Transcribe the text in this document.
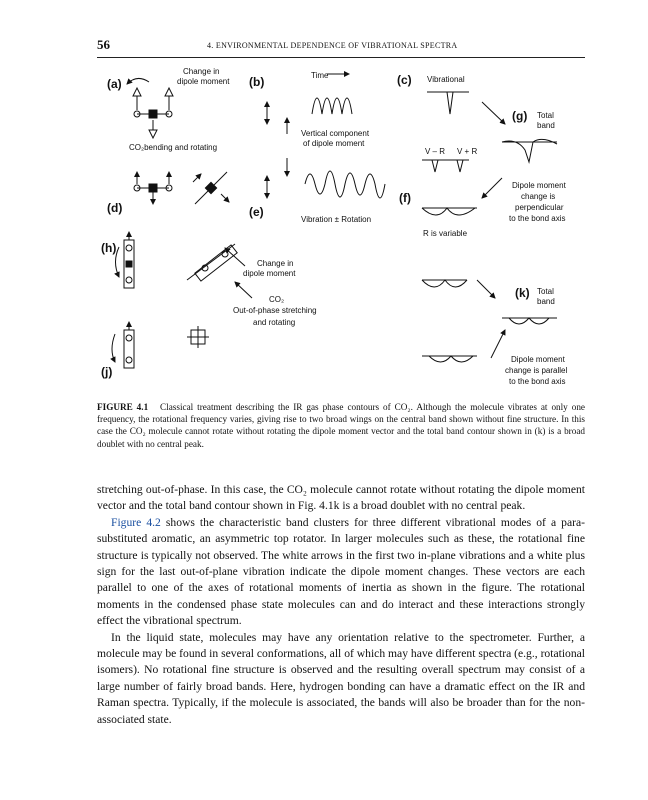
56	4. ENVIRONMENTAL DEPENDENCE OF VIBRATIONAL SPECTRA
(a)
Change in
dipole moment (b)	Time	(c) Vibrational
(g) Total
band
Vertical component
of dipole moment
CO₂bending and rotating	V – R V + R
Dipole moment
change is
perpendicular
to the bond axis
(f)
(d)	(e)
Vibration ± Rotation
R is variable
(h)
Change in
dipole moment
CO₂
Out-of-phase stretching
and rotating
(k) Total
band
(j)
Dipole moment
change is parallel
to the bond axis
FIGURE 4.1 Classical treatment describing the IR gas phase contours of CO₂. Although the molecule vibrates at only one frequency, the rotational frequency varies, giving rise to two broad wings on the central band shown without fine structure. In this case the CO₂ molecule cannot rotate without rotating the dipole moment vector and the total band contour shown in (k) is a broad doublet with no central peak.

stretching out-of-phase. In this case, the CO₂ molecule cannot rotate without rotating the dipole moment vector and the total band contour shown in Fig. 4.1k is a broad doublet with no central peak.

Figure 4.2 shows the characteristic band clusters for three different vibrational modes of a para-substituted aromatic, an asymmetric top rotator. In larger molecules such as these, the rotational fine structure is typically not observed. The white arrows in the first two in-plane vibrations and a white plus sign for the last out-of-plane vibration indicate the dipole moment changes. These vectors are each parallel to one of the axes of rotational moments of inertia as shown in the figure. The rotational moments in the condensed phase state molecules can and do interact and these interactions strongly effect the vibrational spectrum.

In the liquid state, molecules may have any orientation relative to the spectrometer. Further, a molecule may be found in several conformations, all of which may have different spectra (e.g., rotational isomers). No rotational fine structure is observed and the resulting overall spectrum may consist of a large number of fairly broad bands. Here, hydrogen bonding can have a dramatic effect on the IR and Raman spectra. Typically, if the molecule is associated, the bands will also be broader than for the non-associated state.
